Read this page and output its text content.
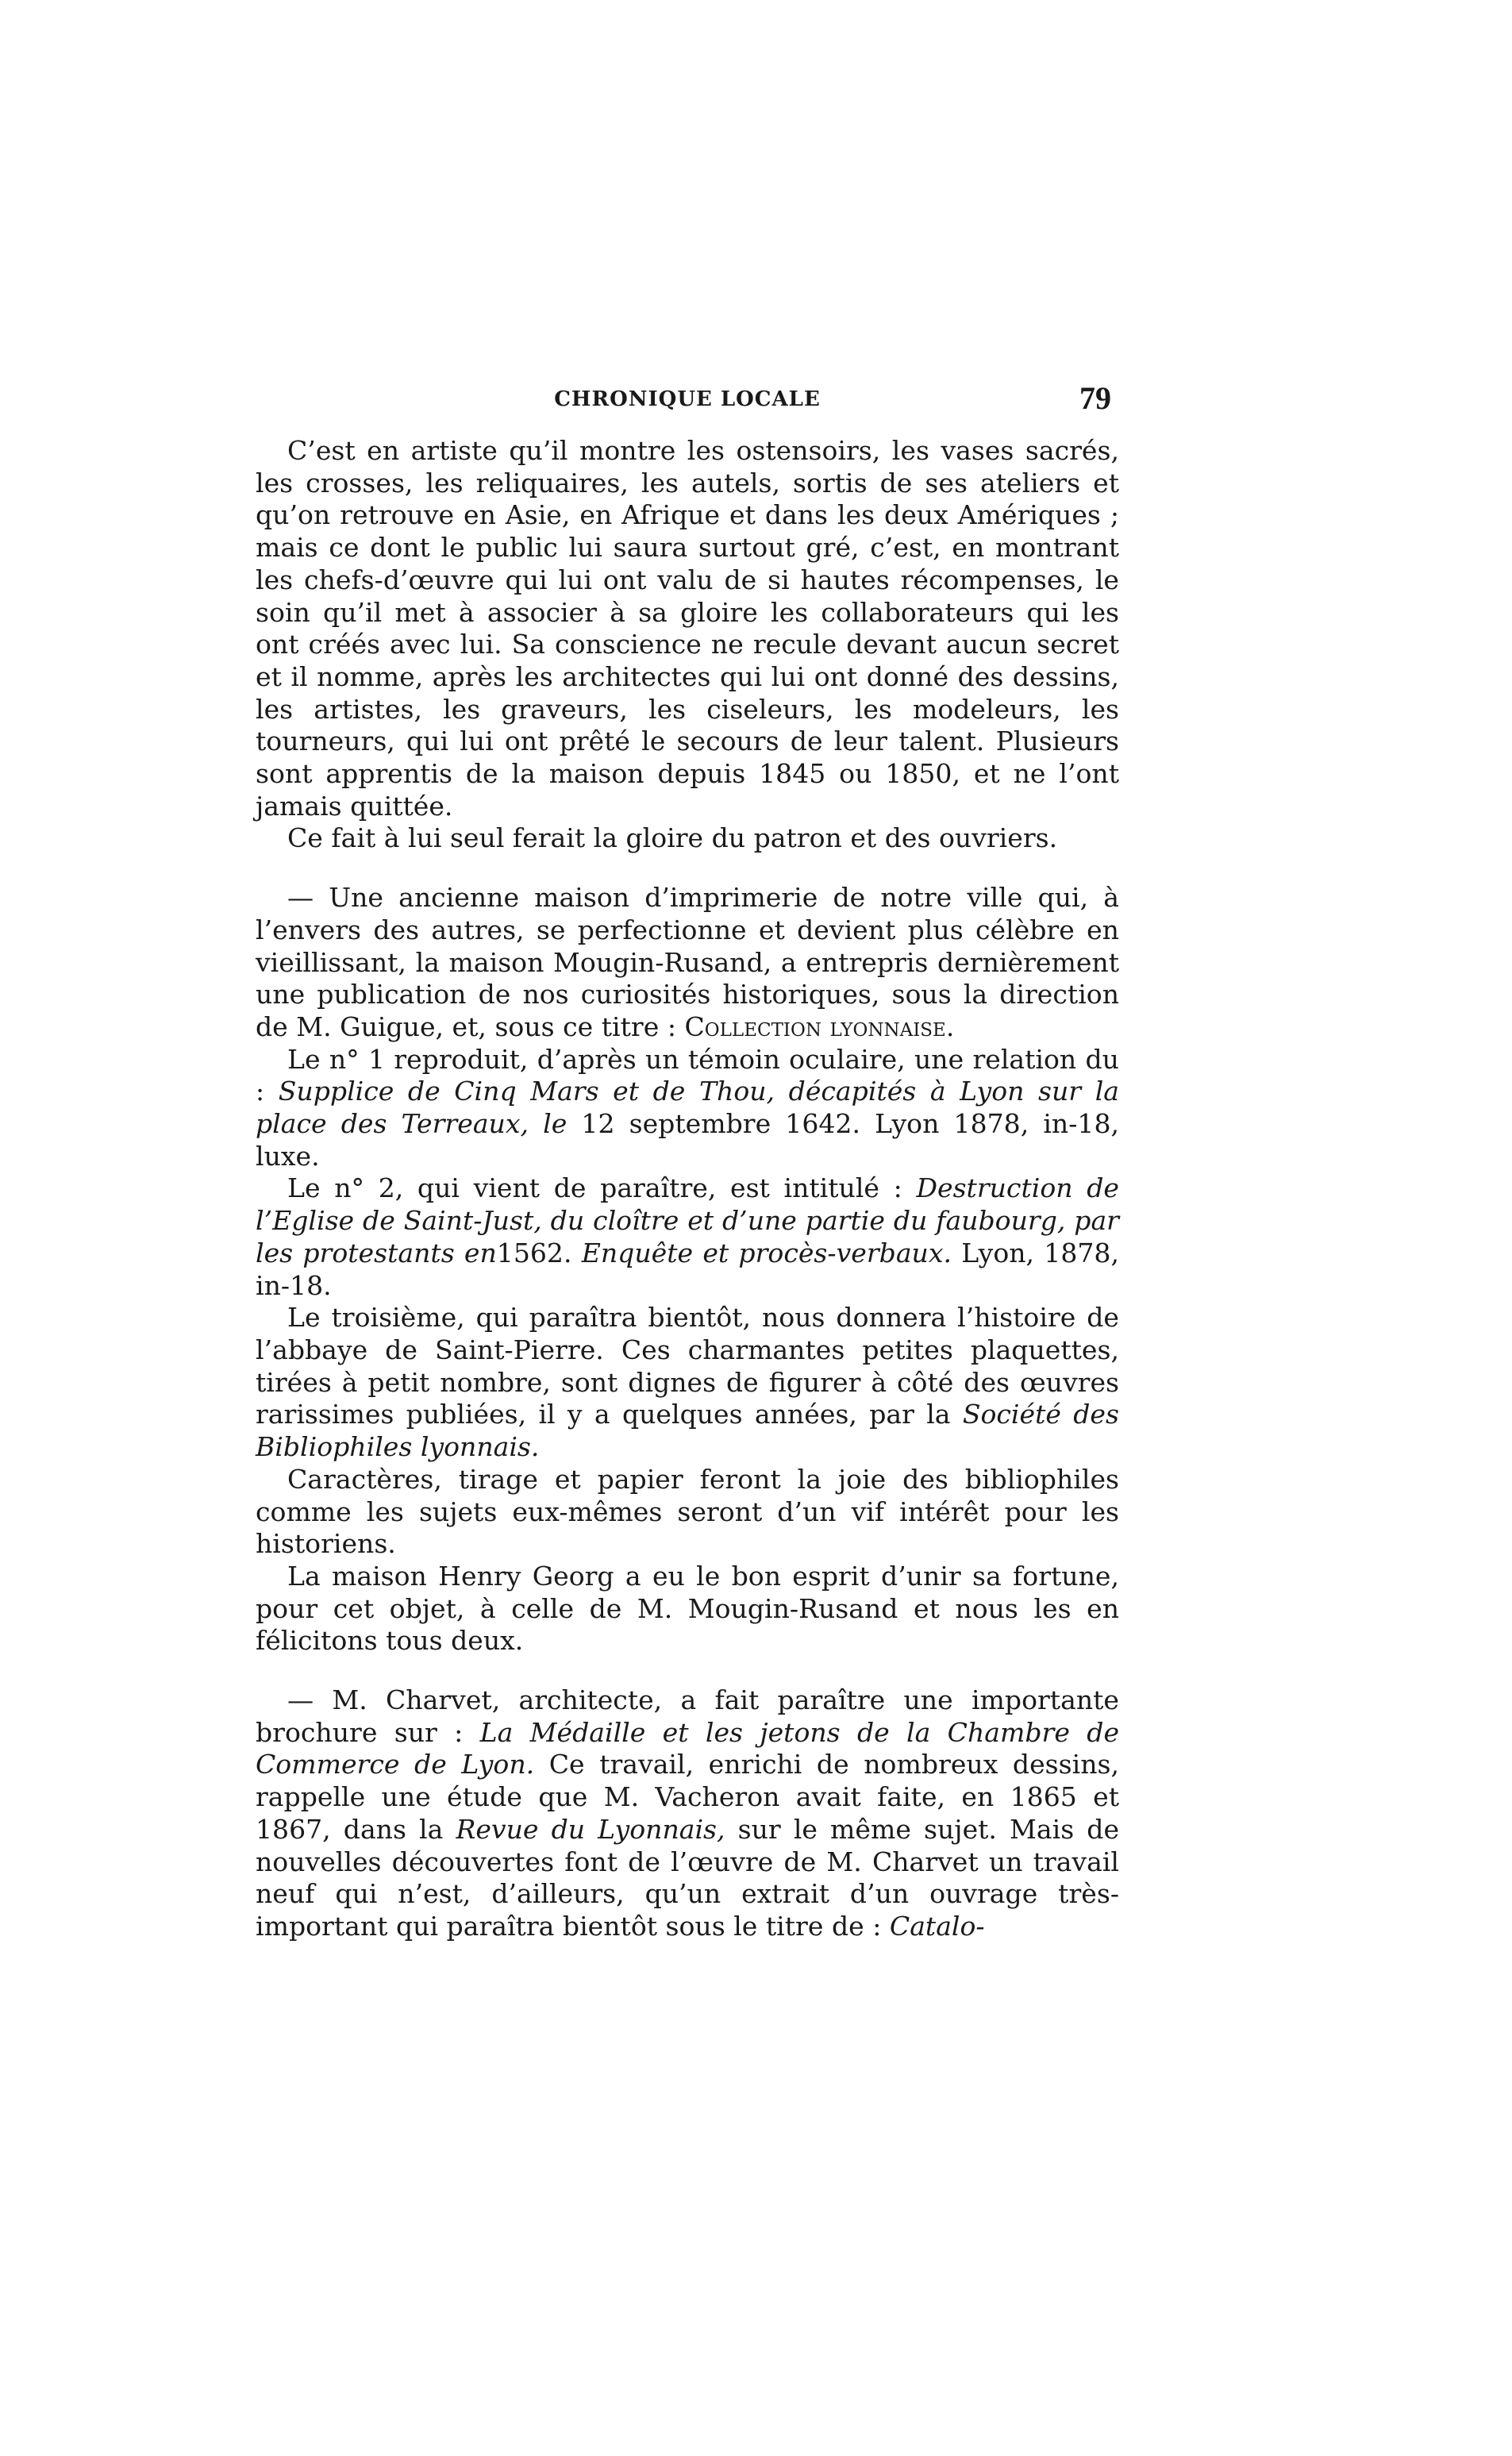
CHRONIQUE LOCALE	79

C’est en artiste qu’il montre les ostensoirs, les vases sacrés, les crosses, les reliquaires, les autels, sortis de ses ateliers et qu’on retrouve en Asie, en Afrique et dans les deux Amériques ; mais ce dont le public lui saura surtout gré, c’est, en montrant les chefs-d’œuvre qui lui ont valu de si hautes récompenses, le soin qu’il met à associer à sa gloire les collaborateurs qui les ont créés avec lui. Sa conscience ne recule devant aucun secret et il nomme, après les architectes qui lui ont donné des dessins, les artistes, les graveurs, les ciseleurs, les modeleurs, les tourneurs, qui lui ont prêté le secours de leur talent. Plusieurs sont apprentis de la maison depuis 1845 ou 1850, et ne l’ont jamais quittée.

Ce fait à lui seul ferait la gloire du patron et des ouvriers.

— Une ancienne maison d’imprimerie de notre ville qui, à l’envers des autres, se perfectionne et devient plus célèbre en vieillissant, la maison Mougin-Rusand, a entrepris dernièrement une publication de nos curiosités historiques, sous la direction de M. Guigue, et, sous ce titre : Collection lyonnaise.

Le n° 1 reproduit, d’après un témoin oculaire, une relation du : Supplice de Cinq Mars et de Thou, décapités à Lyon sur la place des Terreaux, le 12 septembre 1642. Lyon 1878, in-18, luxe.

Le n° 2, qui vient de paraître, est intitulé : Destruction de l’Eglise de Saint-Just, du cloître et d’une partie du faubourg, par les protestants en1562. Enquête et procès-verbaux. Lyon, 1878, in-18.

Le troisième, qui paraîtra bientôt, nous donnera l’histoire de l’abbaye de Saint-Pierre. Ces charmantes petites plaquettes, tirées à petit nombre, sont dignes de figurer à côté des œuvres rarissimes publiées, il y a quelques années, par la Société des Bibliophiles lyonnais.

Caractères, tirage et papier feront la joie des bibliophiles comme les sujets eux-mêmes seront d’un vif intérêt pour les historiens.

La maison Henry Georg a eu le bon esprit d’unir sa fortune, pour cet objet, à celle de M. Mougin-Rusand et nous les en félicitons tous deux.

— M. Charvet, architecte, a fait paraître une importante brochure sur : La Médaille et les jetons de la Chambre de Commerce de Lyon. Ce travail, enrichi de nombreux dessins, rappelle une étude que M. Vacheron avait faite, en 1865 et 1867, dans la Revue du Lyonnais, sur le même sujet. Mais de nouvelles découvertes font de l’œuvre de M. Charvet un travail neuf qui n’est, d’ailleurs, qu’un extrait d’un ouvrage très-important qui paraîtra bientôt sous le titre de : Catalo-
